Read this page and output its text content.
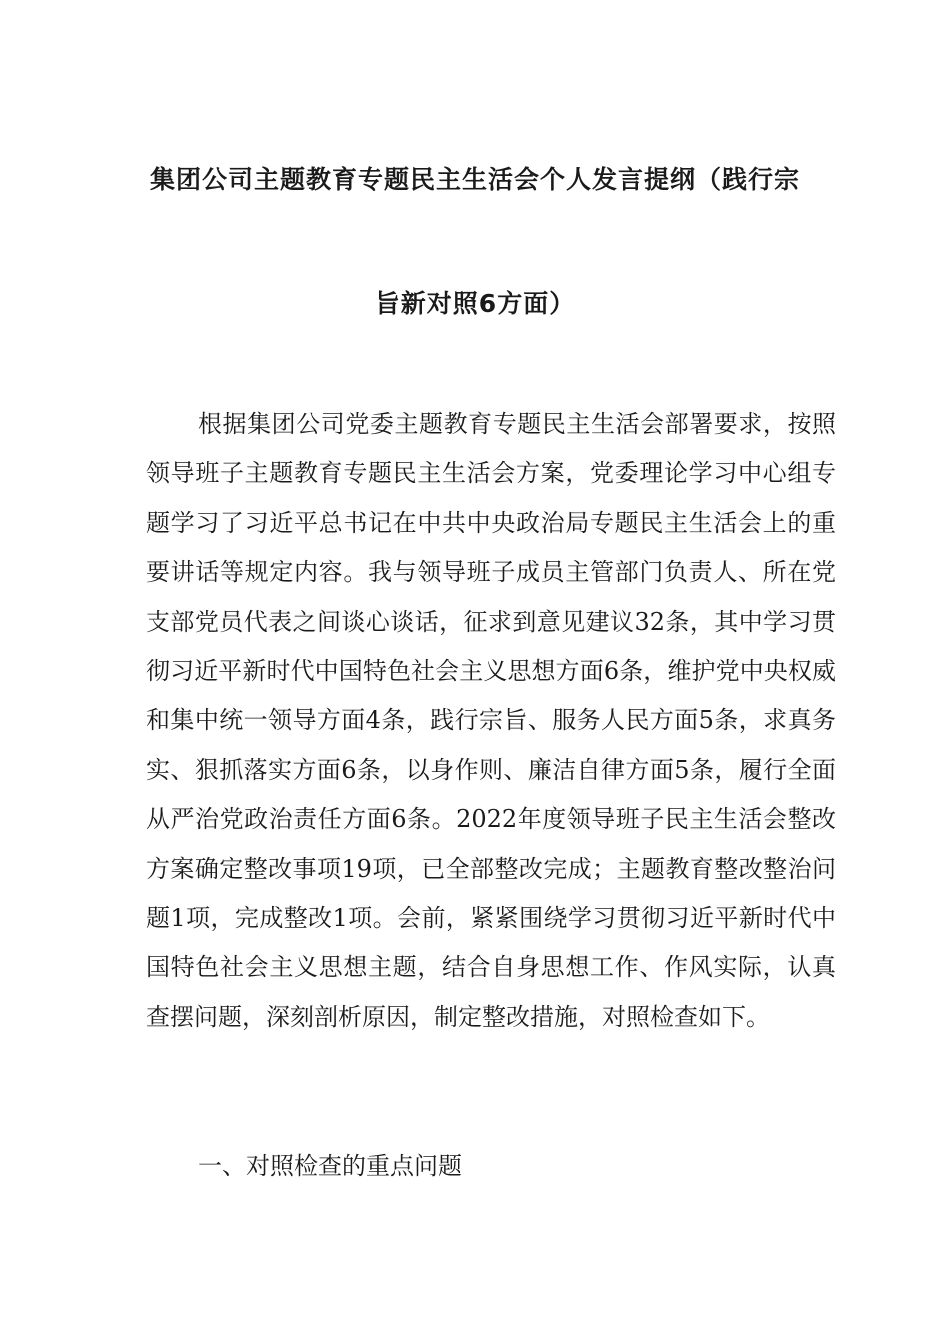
集团公司主题教育专题民主生活会个人发言提纲（践行宗
旨新对照6方面）

根据集团公司党委主题教育专题民主生活会部署要求，按照领导班子主题教育专题民主生活会方案，党委理论学习中心组专题学习了习近平总书记在中共中央政治局专题民主生活会上的重要讲话等规定内容。我与领导班子成员主管部门负责人、所在党支部党员代表之间谈心谈话，征求到意见建议32条，其中学习贯彻习近平新时代中国特色社会主义思想方面6条，维护党中央权威和集中统一领导方面4条，践行宗旨、服务人民方面5条，求真务实、狠抓落实方面6条，以身作则、廉洁自律方面5条，履行全面从严治党政治责任方面6条。2022年度领导班子民主生活会整改方案确定整改事项19项，已全部整改完成；主题教育整改整治问题1项，完成整改1项。会前，紧紧围绕学习贯彻习近平新时代中国特色社会主义思想主题，结合自身思想工作、作风实际，认真查摆问题，深刻剖析原因，制定整改措施，对照检查如下。

一、对照检查的重点问题
